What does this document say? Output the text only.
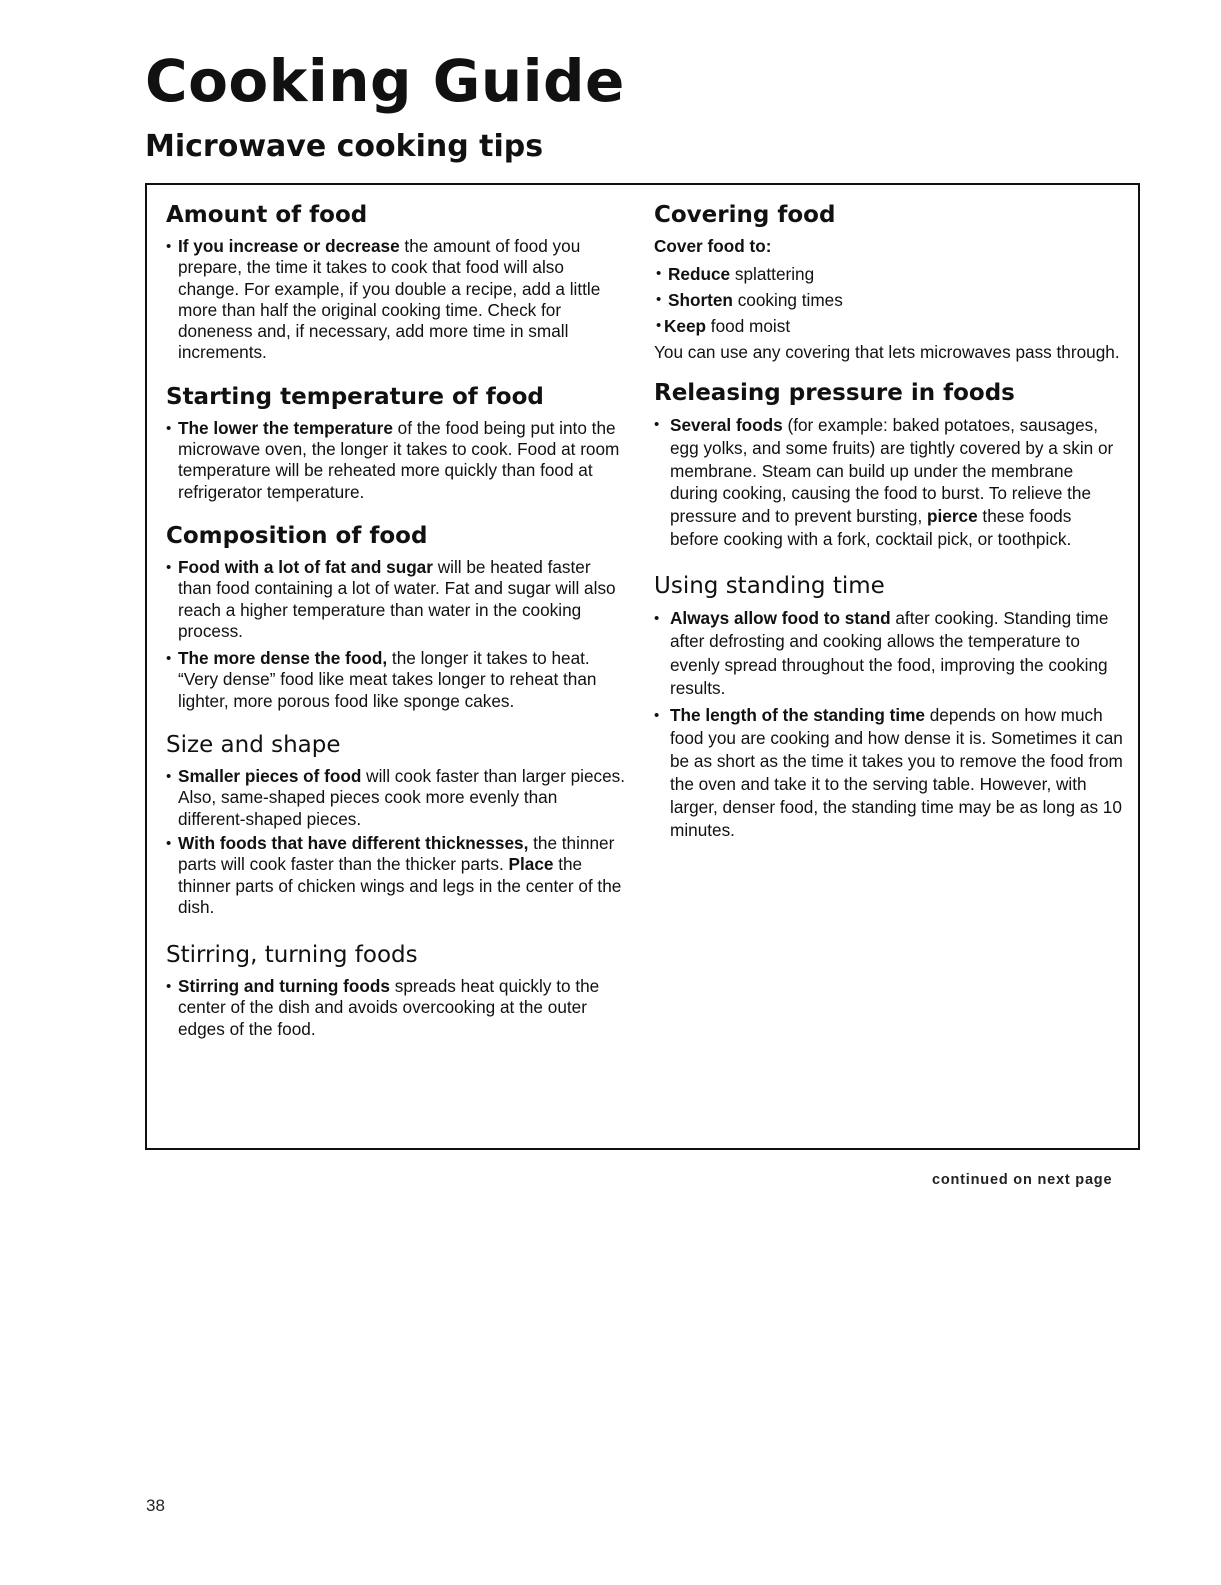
Cooking Guide
Microwave cooking tips
Amount of food
• If you increase or decrease the amount of food you prepare, the time it takes to cook that food will also change. For example, if you double a recipe, add a little more than half the original cooking time. Check for doneness and, if necessary, add more time in small increments.
Starting temperature of food
• The lower the temperature of the food being put into the microwave oven, the longer it takes to cook. Food at room temperature will be reheated more quickly than food at refrigerator temperature.
Composition of food
• Food with a lot of fat and sugar will be heated faster than food containing a lot of water. Fat and sugar will also reach a higher temperature than water in the cooking process.
• The more dense the food, the longer it takes to heat. “Very dense” food like meat takes longer to reheat than lighter, more porous food like sponge cakes.
Size and shape
• Smaller pieces of food will cook faster than larger pieces. Also, same-shaped pieces cook more evenly than different-shaped pieces.
• With foods that have different thicknesses, the thinner parts will cook faster than the thicker parts. Place the thinner parts of chicken wings and legs in the center of the dish.
Stirring, turning foods
• Stirring and turning foods spreads heat quickly to the center of the dish and avoids overcooking at the outer edges of the food.
Covering food

Cover food to:

• Reduce splattering
• Shorten cooking times
• Keep food moist

You can use any covering that lets microwaves pass through.

Releasing pressure in foods
• Several foods (for example: baked potatoes, sausages, egg yolks, and some fruits) are tightly covered by a skin or membrane. Steam can build up under the membrane during cooking, causing the food to burst. To relieve the pressure and to prevent bursting, pierce these foods before cooking with a fork, cocktail pick, or toothpick.
Using standing time
• Always allow food to stand after cooking. Standing time after defrosting and cooking allows the temperature to evenly spread throughout the food, improving the cooking results.
• The length of the standing time depends on how much food you are cooking and how dense it is. Sometimes it can be as short as the time it takes you to remove the food from the oven and take it to the serving table. However, with larger, denser food, the standing time may be as long as 10 minutes.
continued on next page
38
